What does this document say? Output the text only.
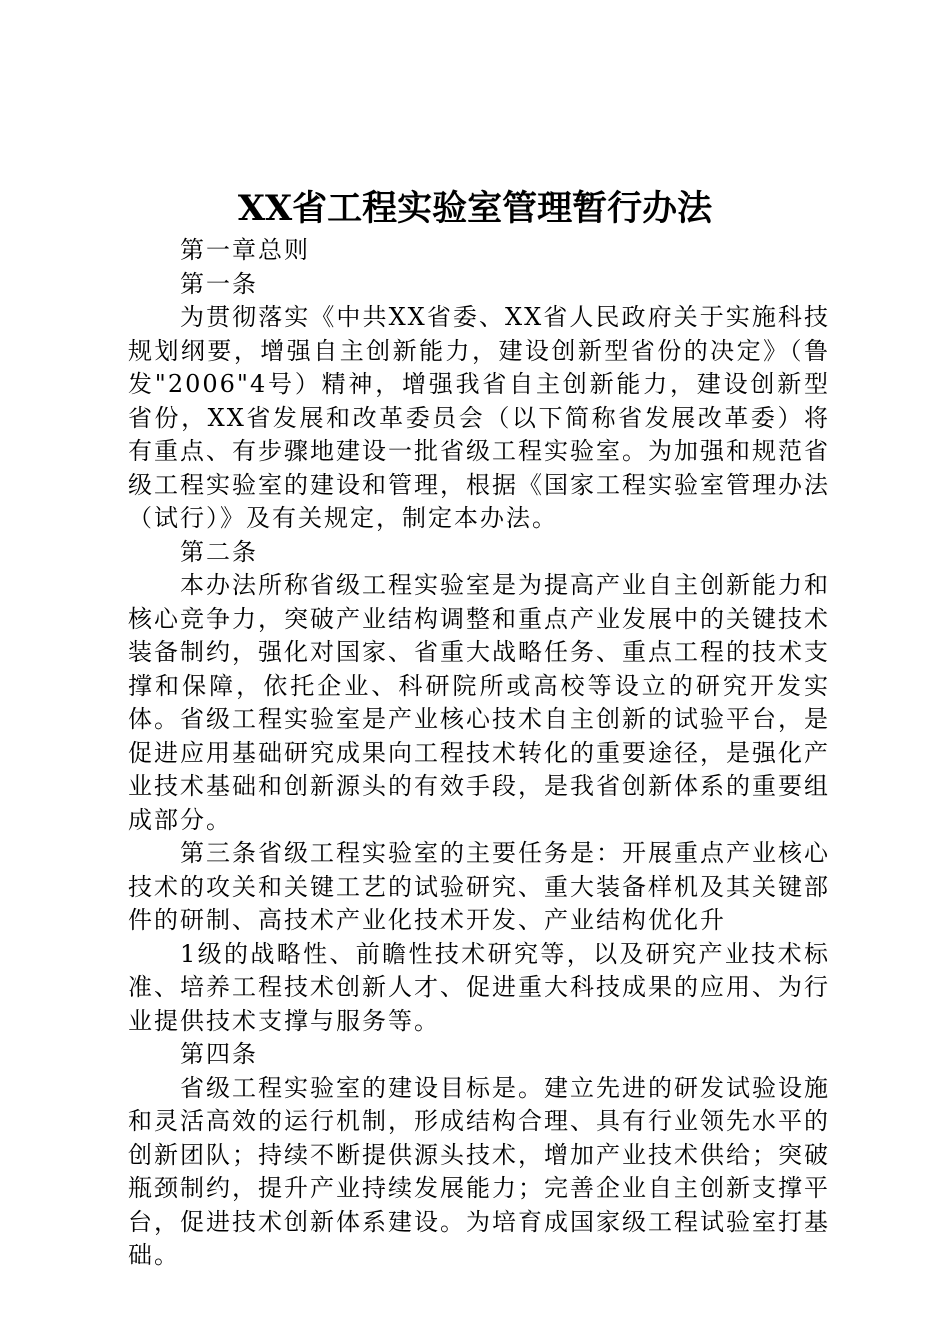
XX省工程实验室管理暂行办法

第一章总则

第一条

为贯彻落实《中共XX省委、XX省人民政府关于实施科技规划纲要，增强自主创新能力，建设创新型省份的决定》（鲁发"2006"4号）精神，增强我省自主创新能力，建设创新型省份，XX省发展和改革委员会（以下简称省发展改革委）将有重点、有步骤地建设一批省级工程实验室。为加强和规范省级工程实验室的建设和管理，根据《国家工程实验室管理办法（试行）》及有关规定，制定本办法。

第二条

本办法所称省级工程实验室是为提高产业自主创新能力和核心竞争力，突破产业结构调整和重点产业发展中的关键技术装备制约，强化对国家、省重大战略任务、重点工程的技术支撑和保障，依托企业、科研院所或高校等设立的研究开发实体。省级工程实验室是产业核心技术自主创新的试验平台，是促进应用基础研究成果向工程技术转化的重要途径，是强化产业技术基础和创新源头的有效手段，是我省创新体系的重要组成部分。

第三条省级工程实验室的主要任务是：开展重点产业核心技术的攻关和关键工艺的试验研究、重大装备样机及其关键部件的研制、高技术产业化技术开发、产业结构优化升

1级的战略性、前瞻性技术研究等，以及研究产业技术标准、培养工程技术创新人才、促进重大科技成果的应用、为行业提供技术支撑与服务等。

第四条

省级工程实验室的建设目标是。建立先进的研发试验设施和灵活高效的运行机制，形成结构合理、具有行业领先水平的创新团队；持续不断提供源头技术，增加产业技术供给；突破瓶颈制约，提升产业持续发展能力；完善企业自主创新支撑平台，促进技术创新体系建设。为培育成国家级工程试验室打基础。
